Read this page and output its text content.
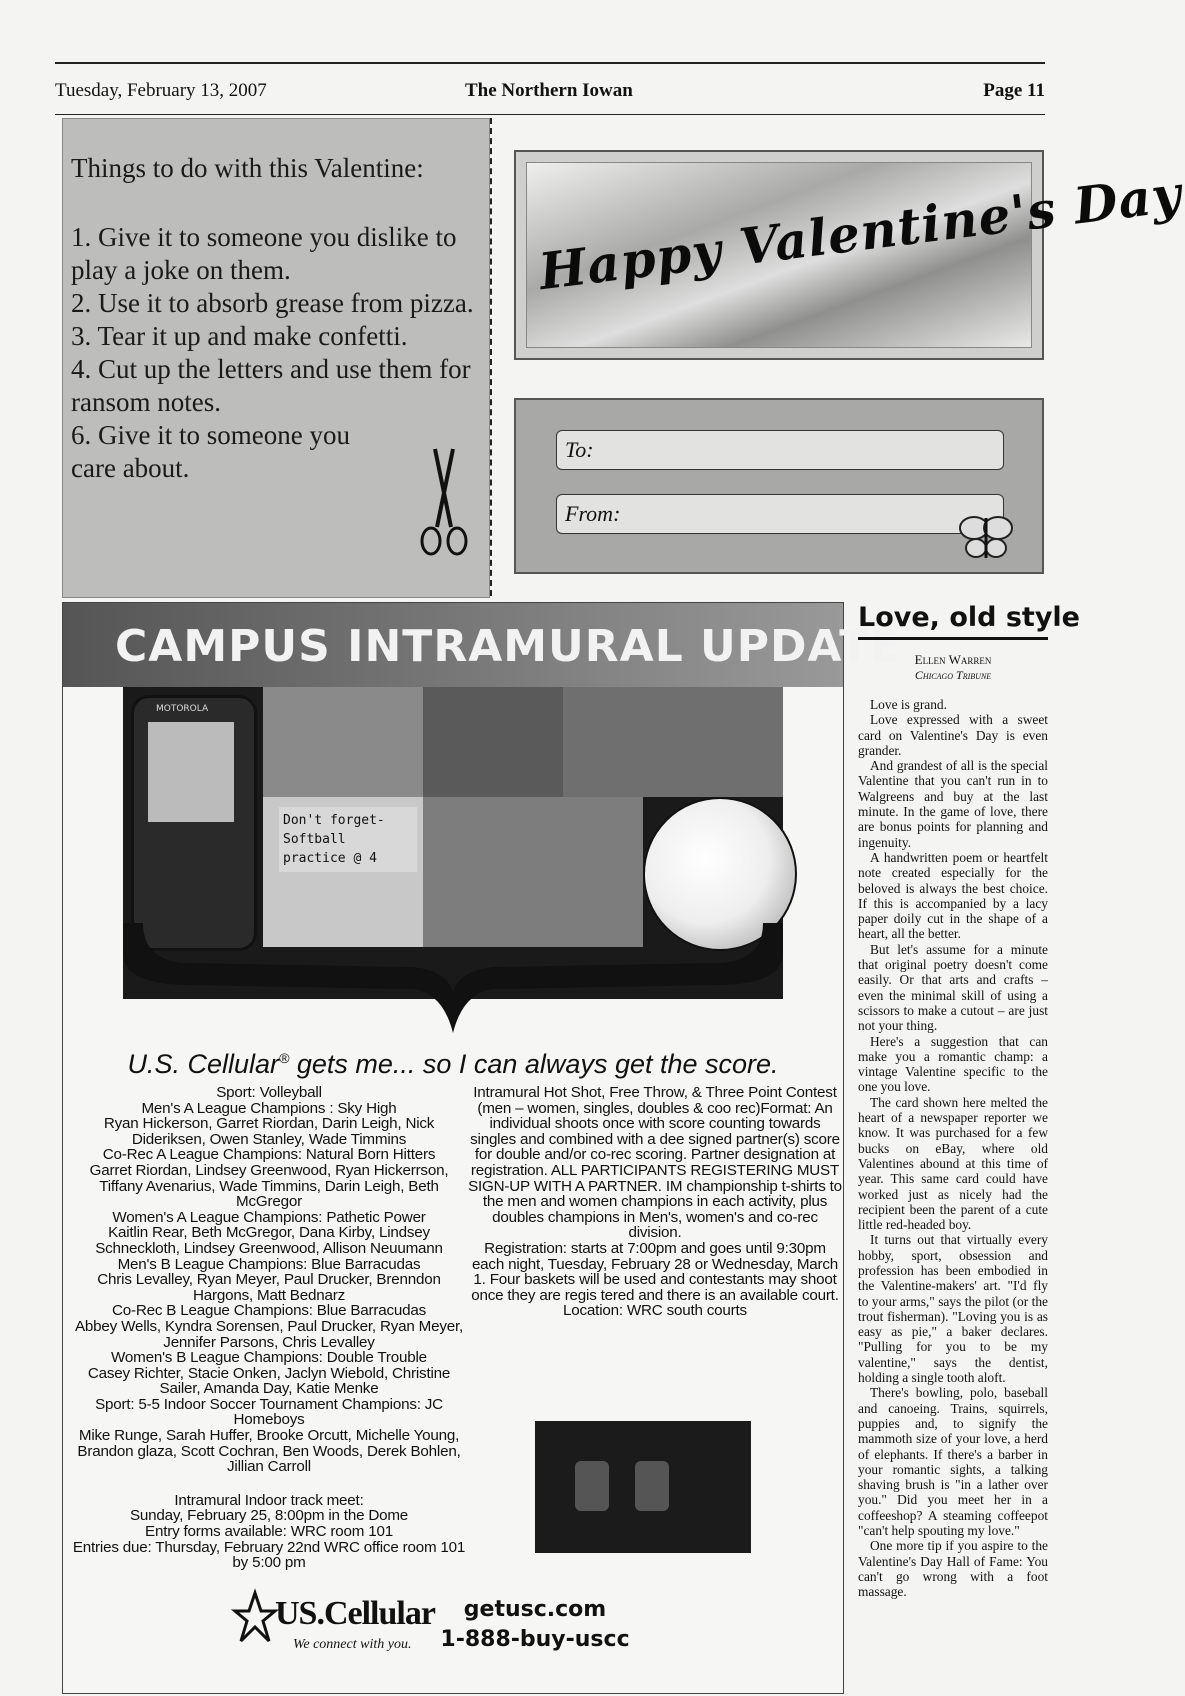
Tuesday, February 13, 2007	The Northern Iowan	Page 11
Things to do with this Valentine:
1. Give it to someone you dislike to play a joke on them.
2. Use it to absorb grease from pizza.
3. Tear it up and make confetti.
4. Cut up the letters and use them for ransom notes.
6. Give it to someone you care about.
Happy Valentine's Day
To:
From:
CAMPUS INTRAMURAL UPDATE
MOTOROLA
Don't forget-
Softball
practice @ 4
U.S. Cellular® gets me... so I can always get the score.

Sport: Volleyball

Men's A League Champions : Sky High

Ryan Hickerson, Garret Riordan, Darin Leigh, Nick Dideriksen, Owen Stanley, Wade Timmins

Co-Rec A League Champions: Natural Born Hitters

Garret Riordan, Lindsey Greenwood, Ryan Hickerrson, Tiffany Avenarius, Wade Timmins, Darin Leigh, Beth McGregor

Women's A League Champions: Pathetic Power

Kaitlin Rear, Beth McGregor, Dana Kirby, Lindsey Schneckloth, Lindsey Greenwood, Allison Neuumann

Men's B League Champions: Blue Barracudas

Chris Levalley, Ryan Meyer, Paul Drucker, Brenndon Hargons, Matt Bednarz

Co-Rec B League Champions: Blue Barracudas

Abbey Wells, Kyndra Sorensen, Paul Drucker, Ryan Meyer, Jennifer Parsons, Chris Levalley

Women's B League Champions: Double Trouble

Casey Richter, Stacie Onken, Jaclyn Wiebold, Christine Sailer, Amanda Day, Katie Menke

Sport: 5-5 Indoor Soccer Tournament Champions: JC Homeboys

Mike Runge, Sarah Huffer, Brooke Orcutt, Michelle Young, Brandon glaza, Scott Cochran, Ben Woods, Derek Bohlen, Jillian Carroll

Intramural Indoor track meet:

Sunday, February 25, 8:00pm in the Dome

Entry forms available: WRC room 101

Entries due: Thursday, February 22nd WRC office room 101 by 5:00 pm

Intramural Hot Shot, Free Throw, & Three Point Contest (men – women, singles, doubles & coo rec)Format: An individual shoots once with score counting towards singles and combined with a dee signed partner(s) score for double and/or co-rec scoring. Partner designation at registration. ALL PARTICIPANTS REGISTERING MUST SIGN-UP WITH A PARTNER. IM championship t-shirts to the men and women champions in each activity, plus doubles champions in Men's, women's and co-rec division.

Registration: starts at 7:00pm and goes until 9:30pm each night, Tuesday, February 28 or Wednesday, March 1. Four baskets will be used and contestants may shoot once they are regis tered and there is an available court. Location: WRC south courts

US.Cellular
We connect with you.
getusc.com
1-888-buy-uscc
Love, old style
Ellen Warren
Chicago Tribune

Love is grand.

Love expressed with a sweet card on Valentine's Day is even grander.

And grandest of all is the special Valentine that you can't run in to Walgreens and buy at the last minute. In the game of love, there are bonus points for planning and ingenuity.

A handwritten poem or heartfelt note created especially for the beloved is always the best choice. If this is accompanied by a lacy paper doily cut in the shape of a heart, all the better.

But let's assume for a minute that original poetry doesn't come easily. Or that arts and crafts – even the minimal skill of using a scissors to make a cutout – are just not your thing.

Here's a suggestion that can make you a romantic champ: a vintage Valentine specific to the one you love.

The card shown here melted the heart of a newspaper reporter we know. It was purchased for a few bucks on eBay, where old Valentines abound at this time of year. This same card could have worked just as nicely had the recipient been the parent of a cute little red-headed boy.

It turns out that virtually every hobby, sport, obsession and profession has been embodied in the Valentine-makers' art. "I'd fly to your arms," says the pilot (or the trout fisherman). "Loving you is as easy as pie," a baker declares. "Pulling for you to be my valentine," says the dentist, holding a single tooth aloft.

There's bowling, polo, baseball and canoeing. Trains, squirrels, puppies and, to signify the mammoth size of your love, a herd of elephants. If there's a barber in your romantic sights, a talking shaving brush is "in a lather over you." Did you meet her in a coffeeshop? A steaming coffeepot "can't help spouting my love."

One more tip if you aspire to the Valentine's Day Hall of Fame: You can't go wrong with a foot massage.
